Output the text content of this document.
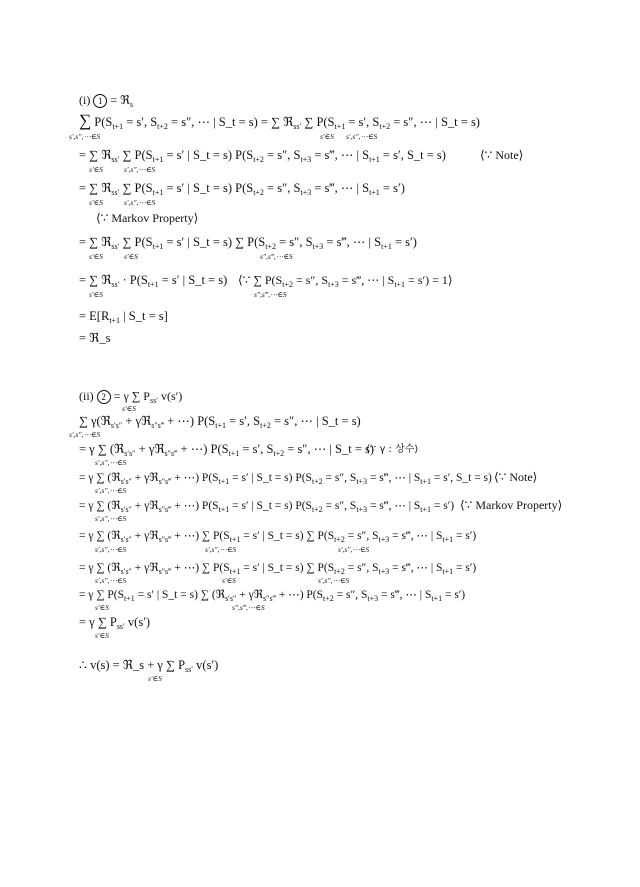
(i) 1 = ℜ$_s$
∑ $P(S_{t+1} = s'$, $S_{t+2} = s''$, ⋯ | S_t = s) = ∑ ℜ$_{ss'}$ ∑ $P(S_{t+1} = s'$, $S_{t+2} = s''$, ⋯ | S_t = s)
s′,s″,⋯∈S	s′∈S s′,s″,⋯∈S
= ∑ ℜ$_{ss'}$ ∑ $P(S_{t+1} = s'$ | S_t = s) $P(S_{t+2} = s''$, $S_{t+3}$ = s‴, ⋯ | $S_{t+1} = s'$, S_t = s)	⟨∵ Note⟩
s′∈S	s′,s″,⋯∈S
= ∑ ℜ$_{ss'}$ ∑ $P(S_{t+1} = s'$ | S_t = s) $P(S_{t+2} = s''$, $S_{t+3}$ = s‴, ⋯ | $S_{t+1} = s'$)
s′∈S	s′,s″,⋯∈S
⟨∵ Markov Property⟩
= ∑ ℜ$_{ss'}$ ∑ $P(S_{t+1} = s'$ | S_t = s) ∑ $P(S_{t+2} = s''$, $S_{t+3}$ = s‴, ⋯ | $S_{t+1} = s'$)
s′∈S	s′∈S	s″,s‴,⋯∈S
= ∑ ℜ$_{ss'}$ · $P(S_{t+1} = s'$ | S_t = s) ⟨∵ ∑ $P(S_{t+2} = s''$, $S_{t+3}$ = s‴, ⋯ | $S_{t+1} = s'$) = 1⟩
s′∈S	s″,s‴,⋯∈S
= $E[R_{t+1}$ | S_t = s]
= ℜ_s
(ii) 2 = γ ∑ $P_{ss'}$ v(s′)
s′∈S
∑ γ(ℜ$_{s's''}$ + γℜ$_{s''s‴}$ + ⋯) $P(S_{t+1} = s'$, $S_{t+2} = s''$, ⋯ | S_t = s)
s′,s″,⋯∈S
= γ ∑ (ℜ$_{s's''}$ + γℜ$_{s''s‴}$ + ⋯) $P(S_{t+1} = s'$, $S_{t+2} = s''$, ⋯ | S_t = s)
⟨∵ γ : 상수⟩
s′,s″,⋯∈S
= γ ∑ (ℜ$_{s's''}$ + γℜ$_{s''s‴}$ + ⋯) $P(S_{t+1} = s'$ | S_t = s) $P(S_{t+2} = s''$, $S_{t+3}$ = s‴, ⋯ | $S_{t+1} = s'$, S_t = s) ⟨∵ Note⟩
s′,s″,⋯∈S
= γ ∑ (ℜ$_{s's''}$ + γℜ$_{s''s‴}$ + ⋯) $P(S_{t+1} = s'$ | S_t = s) $P(S_{t+2} = s''$, $S_{t+3}$ = s‴, ⋯ | $S_{t+1} = s'$) ⟨∵ Markov Property⟩
s′,s″,⋯∈S
= γ ∑ (ℜ$_{s's''}$ + γℜ$_{s''s‴}$ + ⋯) ∑ $P(S_{t+1} = s'$ | S_t = s) ∑ $P(S_{t+2} = s''$, $S_{t+3}$ = s‴, ⋯ | $S_{t+1} = s'$)
s′,s″,⋯∈S	s′,s″,⋯∈S	s′,s″,⋯∈S
= γ ∑ (ℜ$_{s's''}$ + γℜ$_{s''s‴}$ + ⋯) ∑ $P(S_{t+1} = s'$ | S_t = s) ∑ $P(S_{t+2} = s''$, $S_{t+3}$ = s‴, ⋯ | $S_{t+1} = s'$)
s′,s″,⋯∈S	s′∈S	s′,s″,⋯∈S
= γ ∑ $P(S_{t+1} = s'$ | S_t = s) ∑ (ℜ$_{s's''}$ + γℜ$_{s''s‴}$ + ⋯) $P(S_{t+2} = s''$, $S_{t+3}$ = s‴, ⋯ | $S_{t+1} = s'$)
s′∈S	s″,s‴,⋯∈S
= γ ∑ $P_{ss'}$ v(s′)
s′∈S
∴ v(s) = ℜ_s + γ ∑ $P_{ss'}$ v(s′)
s′∈S
